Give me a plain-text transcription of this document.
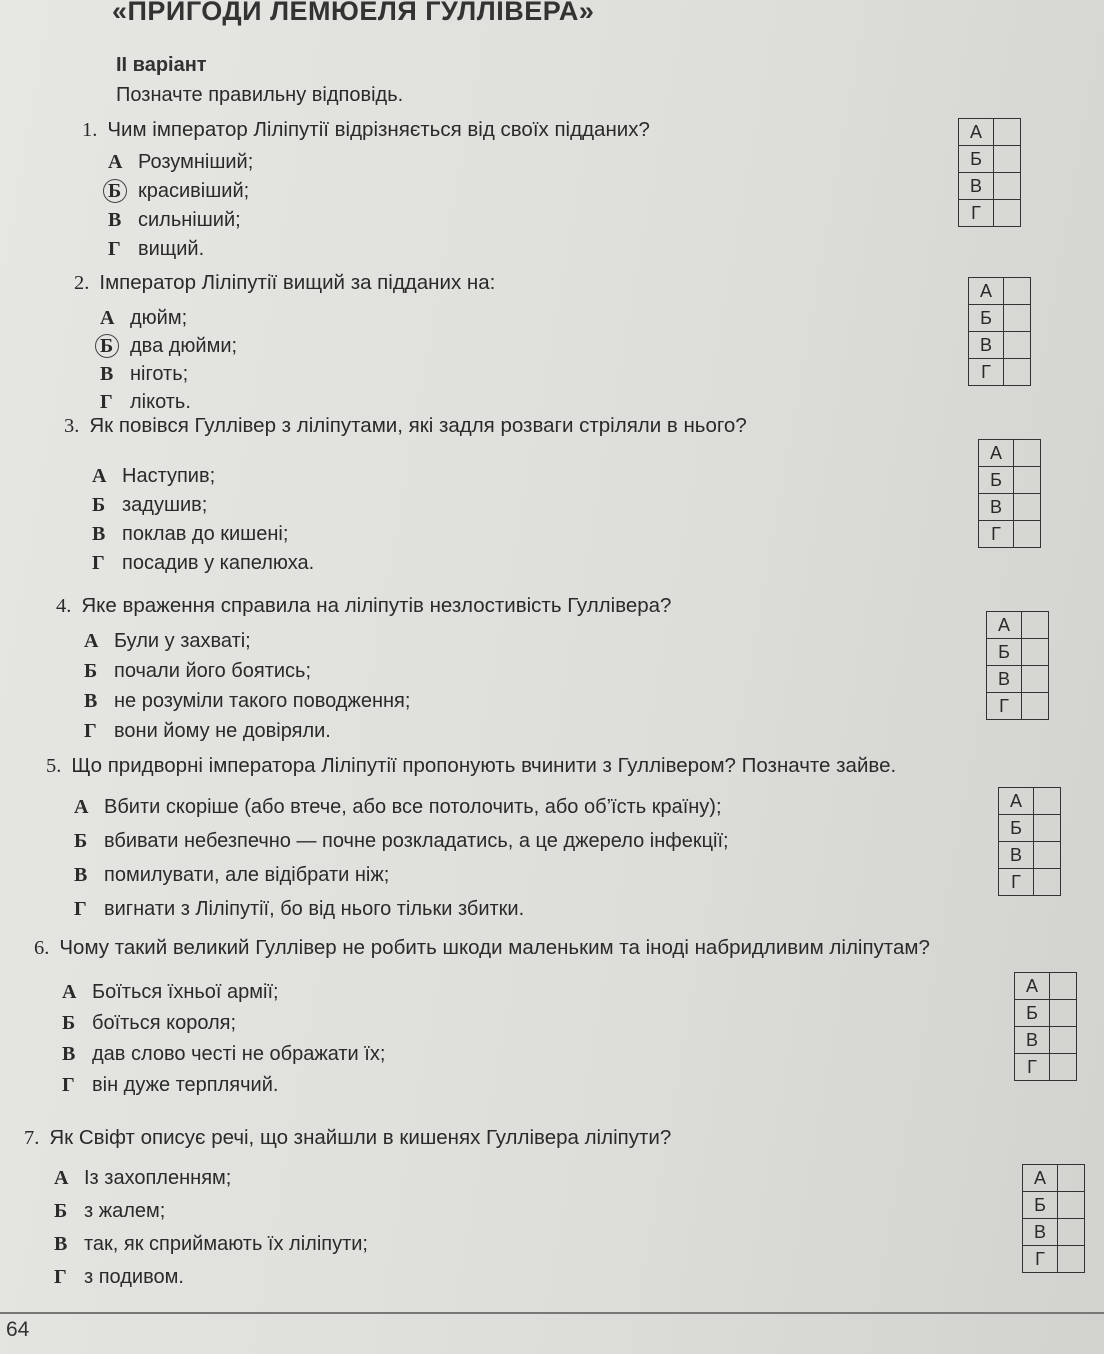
«ПРИГОДИ ЛЕМЮЕЛЯ ГУЛЛІВЕРА»
ІІ варіант
Позначте правильну відповідь.
1. Чим імператор Ліліпутії відрізняється від своїх підданих?
А Розумніший;
Б красивіший;
В сильніший;
Г вищий.
А	
Б	
В	
Г	
2. Імператор Ліліпутії вищий за підданих на:
А дюйм;
Б два дюйми;
В ніготь;
Г лікоть.
А	
Б	
В	
Г	
3. Як повівся Гуллівер з ліліпутами, які задля розваги стріляли в нього?
А Наступив;
Б задушив;
В поклав до кишені;
Г посадив у капелюха.
А	
Б	
В	
Г	
4. Яке враження справила на ліліпутів незлостивість Гуллівера?
А Були у захваті;
Б почали його боятись;
В не розуміли такого поводження;
Г вони йому не довіряли.
А	
Б	
В	
Г	
5. Що придворні імператора Ліліпутії пропонують вчинити з Гуллівером? Позначте зайве.
А Вбити скоріше (або втече, або все потолочить, або об’їсть країну);
Б вбивати небезпечно — почне розкладатись, а це джерело інфекції;
В помилувати, але відібрати ніж;
Г вигнати з Ліліпутії, бо від нього тільки збитки.
А	
Б	
В	
Г	
6. Чому такий великий Гуллівер не робить шкоди маленьким та іноді набридливим ліліпутам?
А Боїться їхньої армії;
Б боїться короля;
В дав слово честі не ображати їх;
Г він дуже терплячий.
А	
Б	
В	
Г	
7. Як Свіфт описує речі, що знайшли в кишенях Гуллівера ліліпути?
А Із захопленням;
Б з жалем;
В так, як сприймають їх ліліпути;
Г з подивом.
А	
Б	
В	
Г	
64
